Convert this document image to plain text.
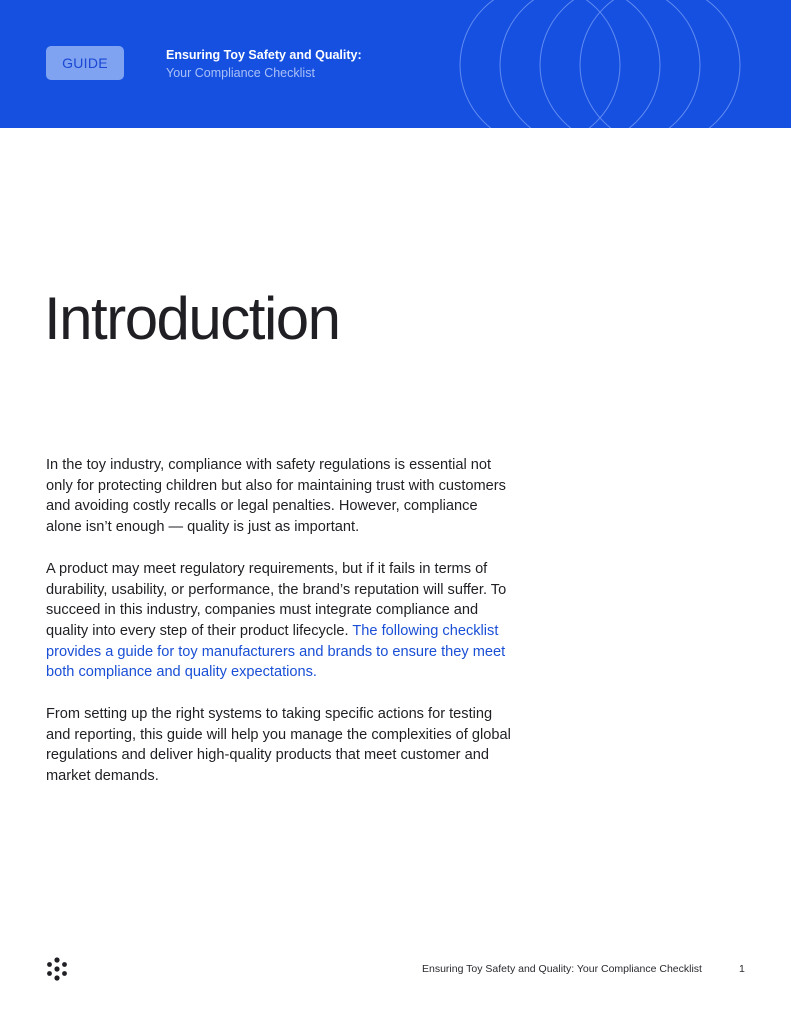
GUIDE	Ensuring Toy Safety and Quality:
Your Compliance Checklist
Introduction

In the toy industry, compliance with safety regulations is essential not only for protecting children but also for maintaining trust with customers and avoiding costly recalls or legal penalties. However, compliance alone isn’t enough — quality is just as important.

A product may meet regulatory requirements, but if it fails in terms of durability, usability, or performance, the brand’s reputation will suffer. To succeed in this industry, companies must integrate compliance and quality into every step of their product lifecycle. The following checklist provides a guide for toy manufacturers and brands to ensure they meet both compliance and quality expectations.

From setting up the right systems to taking specific actions for testing and reporting, this guide will help you manage the complexities of global regulations and deliver high-quality products that meet customer and market demands.

Ensuring Toy Safety and Quality: Your Compliance Checklist	1
